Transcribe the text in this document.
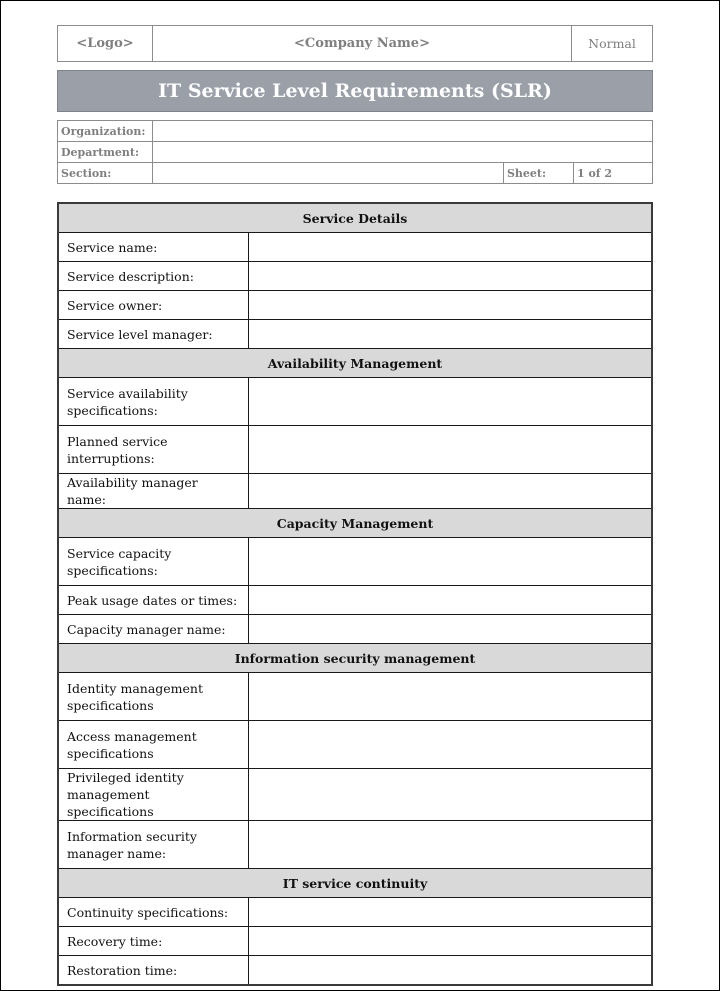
<Logo>	<Company Name>	Normal
IT Service Level Requirements (SLR)
Organization:			
Department:			
Section:		Sheet:	1 of 2
Service Details	
Service name:	
Service description:	
Service owner:	
Service level manager:	
Availability Management	
Service availability specifications:	
Planned service interruptions:	
Availability manager name:	
Capacity Management	
Service capacity specifications:	
Peak usage dates or times:	
Capacity manager name:	
Information security management	
Identity management specifications	
Access management specifications	
Privileged identity management specifications	
Information security manager name:	
IT service continuity	
Continuity specifications:	
Recovery time:	
Restoration time:	
